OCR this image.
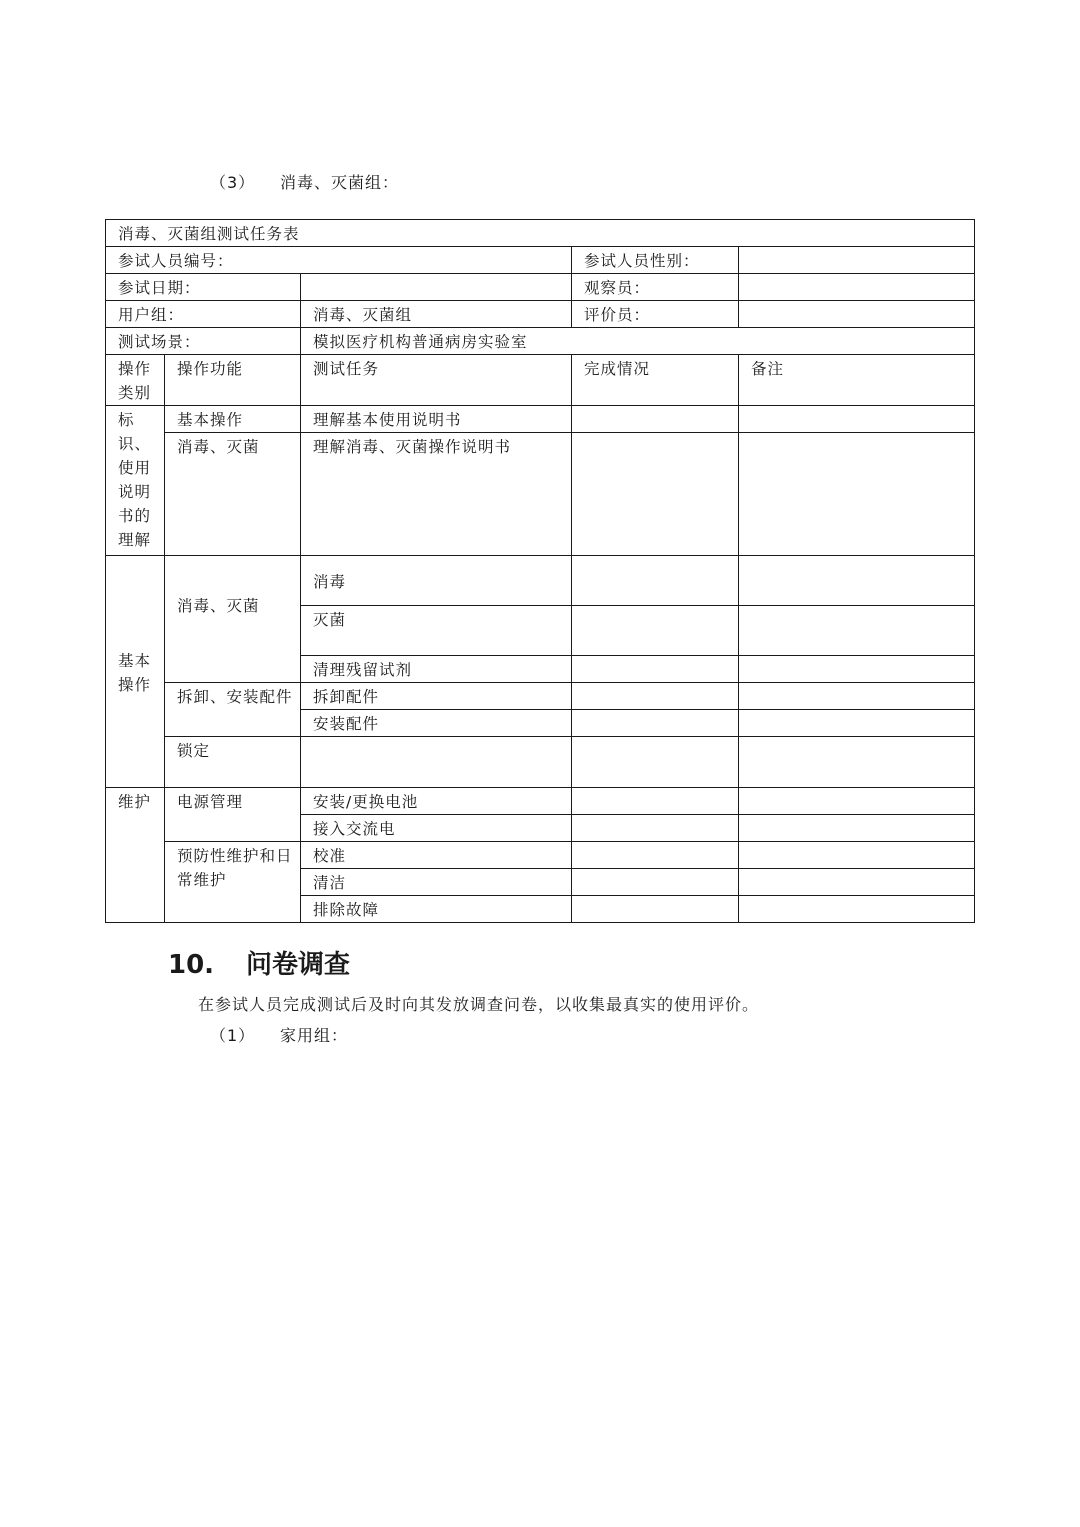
（3） 消毒、灭菌组：
消毒、灭菌组测试任务表				
参试人员编号：			参试人员性别：	
参试日期：			观察员：	
用户组：		消毒、灭菌组	评价员：	
测试场景：		模拟医疗机构普通病房实验室		
操作类别	操作功能	测试任务	完成情况	备注
标识、使用说明书的理解	基本操作	理解基本使用说明书		
	消毒、灭菌	理解消毒、灭菌操作说明书		
基本操作	消毒、灭菌	消毒		
		灭菌		
		清理残留试剂		
	拆卸、安装配件	拆卸配件		
		安装配件		
	锁定			
维护	电源管理	安装/更换电池		
		接入交流电		
	预防性维护和日常维护	校准		
		清洁		
		排除故障		
10. 问卷调查
在参试人员完成测试后及时向其发放调查问卷，以收集最真实的使用评价。
（1） 家用组：
